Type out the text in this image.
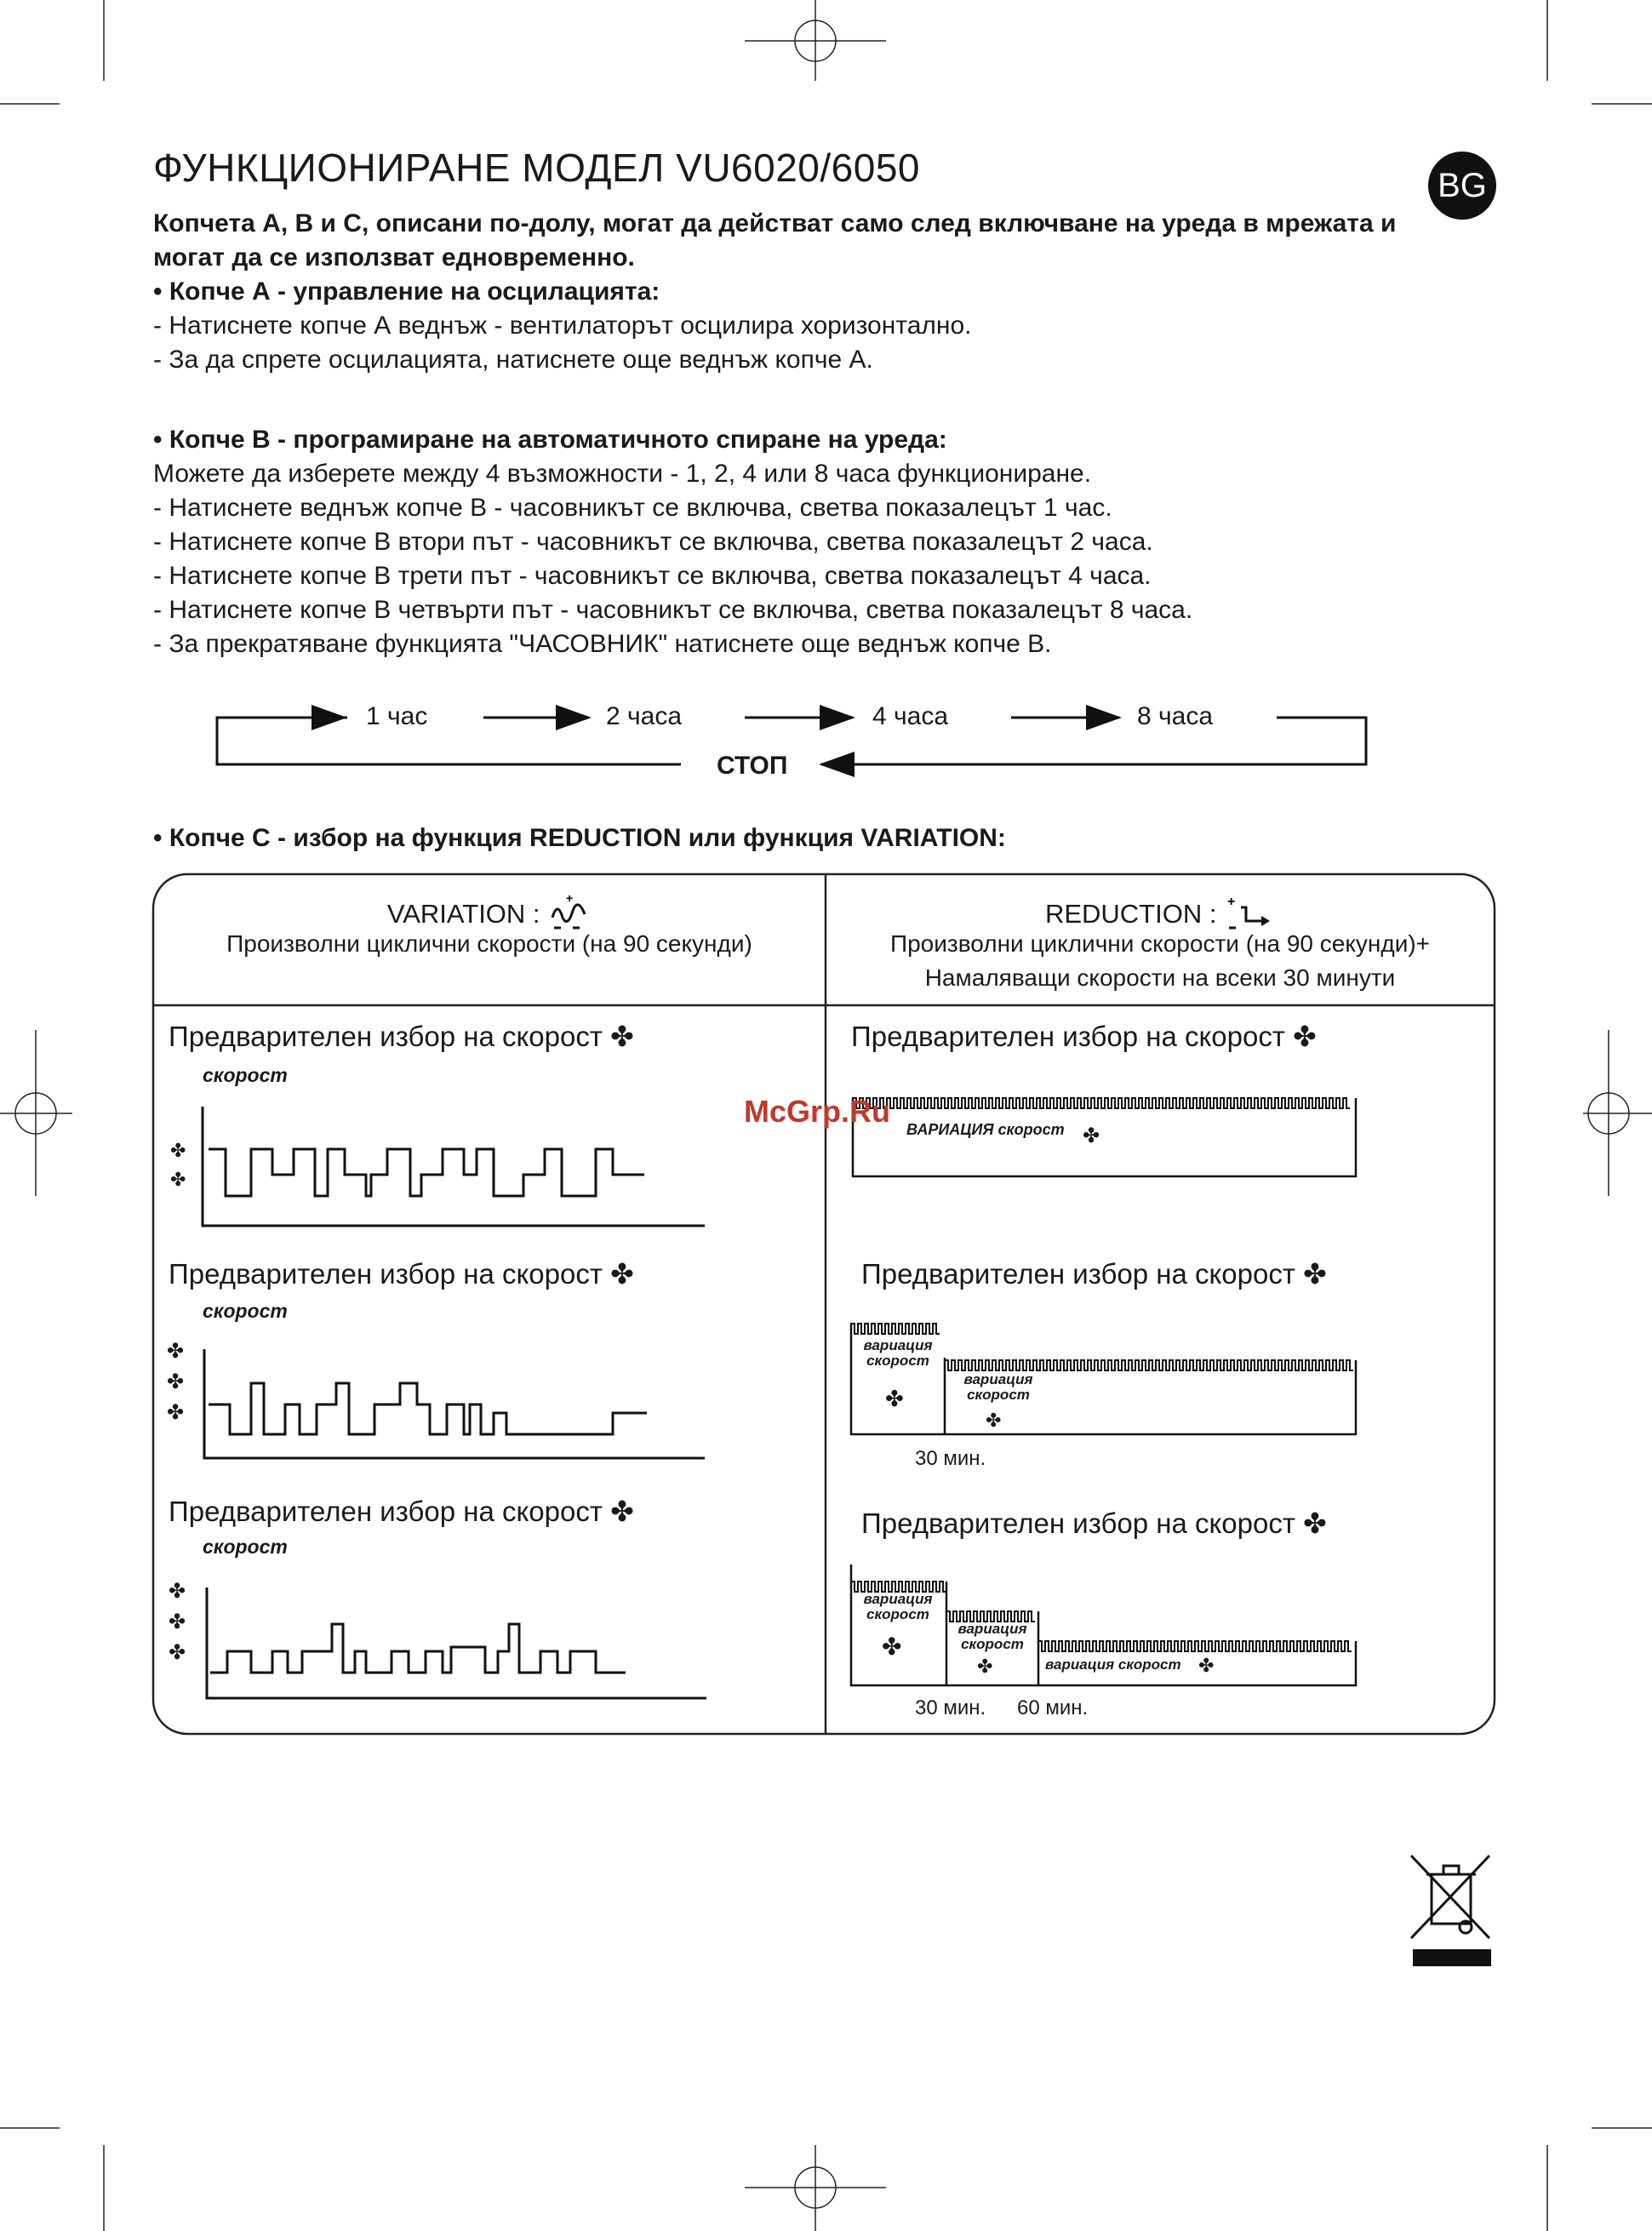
ФУНКЦИОНИРАНЕ МОДЕЛ VU6020/6050	BG
Копчета А, В и С, описани по-долу, могат да действат само след включване на уреда в мрежата и
могат да се използват едновременно.
• Копче А - управление на осцилацията:
- Натиснете копче А веднъж - вентилаторът осцилира хоризонтално.
- За да спрете осцилацията, натиснете още веднъж копче А.
• Копче В - програмиране на автоматичното спиране на уреда:
Можете да изберете между 4 възможности - 1, 2, 4 или 8 часа функциониране.
- Натиснете веднъж копче В - часовникът се включва, светва показалецът 1 час.
- Натиснете копче В втори път - часовникът се включва, светва показалецът 2 часа.
- Натиснете копче В трети път - часовникът се включва, светва показалецът 4 часа.
- Натиснете копче В четвърти път - часовникът се включва, светва показалецът 8 часа.
- За прекратяване функцията "ЧАСОВНИК" натиснете още веднъж копче В.
1 час	2 часа	4 часа	8 часа
СТОП
• Копче С - избор на функция REDUCTION или функция VARIATION:
VARIATION :
+
Произволни циклични скорости (на 90 секунди)
REDUCTION : +
Произволни циклични скорости (на 90 секунди)+
Намаляващи скорости на всеки 30 минути
Предварителен избор на скорост ✤
скорост
Предварителен избор на скорост ✤
скорост
Предварителен избор на скорост ✤
скорост
✤
✤
✤
✤
✤
✤
✤
✤
Предварителен избор на скорост ✤
Предварителен избор на скорост ✤
Предварителен избор на скорост ✤
ВАРИАЦИЯ скорост ✤
вариация
скорост
✤
вариация
скорост
✤
30 мин.
вариация
скорост
✤
вариация
скорост
✤	вариация скорост ✤
30 мин. 60 мин.
McGrp.Ru
